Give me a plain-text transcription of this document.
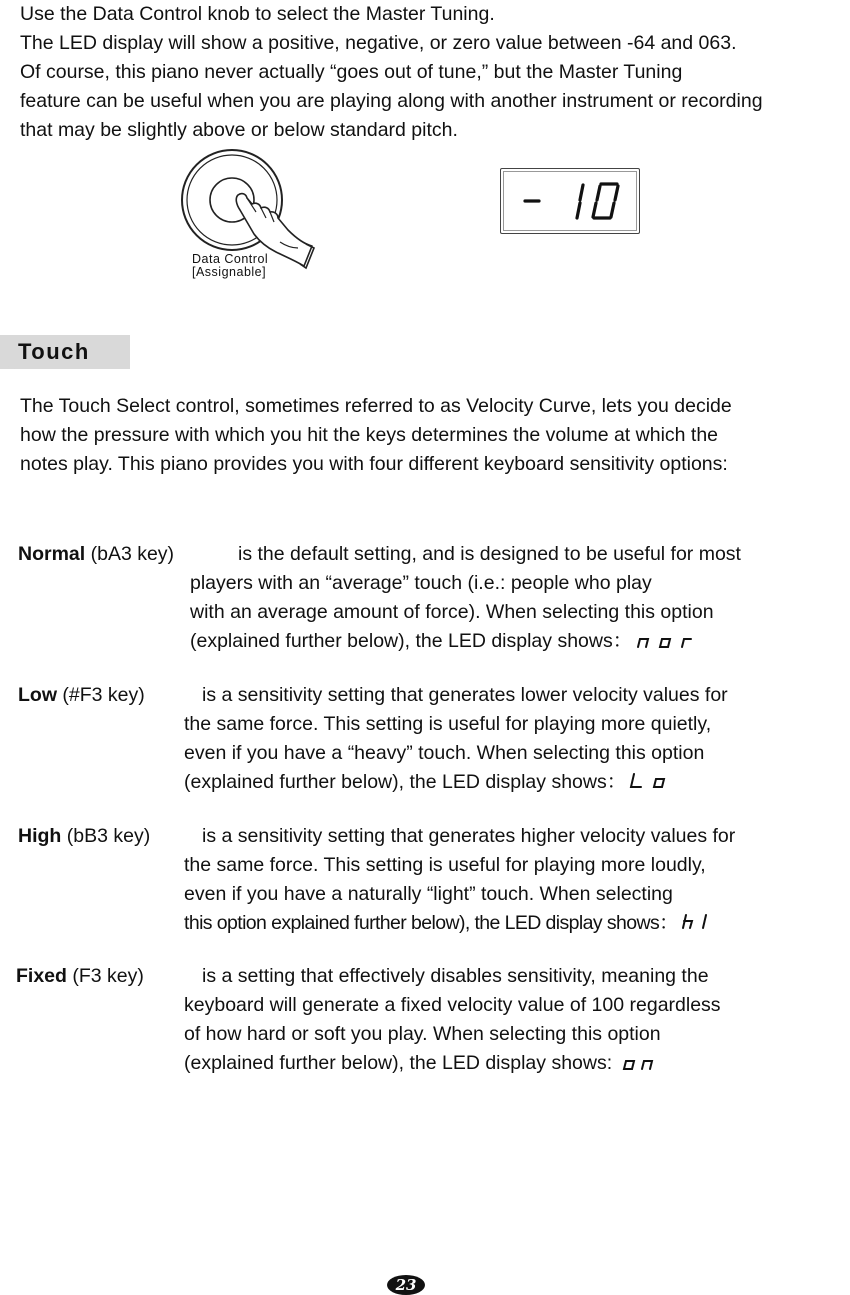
Use the Data Control knob to select the Master Tuning.

The LED display will show a positive, negative, or zero value between -64 and 063.

Of course, this piano never actually “goes out of tune,” but the Master Tuning

feature can be useful when you are playing along with another instrument or recording

that may be slightly above or below standard pitch.

Data Control
[Assignable]
Touch

The Touch Select control, sometimes referred to as Velocity Curve, lets you decide

how the pressure with which you hit the keys determines the volume at which the

notes play. This piano provides you with four different keyboard sensitivity options:

Normal (bA3 key)	is the default setting, and is designed to be useful for most
players with an “average” touch (i.e.: people who play
with an average amount of force). When selecting this option
(explained further below), the LED display shows：
Low (#F3 key)	is a sensitivity setting that generates lower velocity values for
the same force. This setting is useful for playing more quietly,
even if you have a “heavy” touch. When selecting this option
(explained further below), the LED display shows：
High (bB3 key)	is a sensitivity setting that generates higher velocity values for
the same force. This setting is useful for playing more loudly,
even if you have a naturally “light” touch. When selecting
this option explained further below), the LED display shows：
Fixed (F3 key)	is a setting that effectively disables sensitivity, meaning the
keyboard will generate a fixed velocity value of 100 regardless
of how hard or soft you play. When selecting this option
(explained further below), the LED display shows:
23
